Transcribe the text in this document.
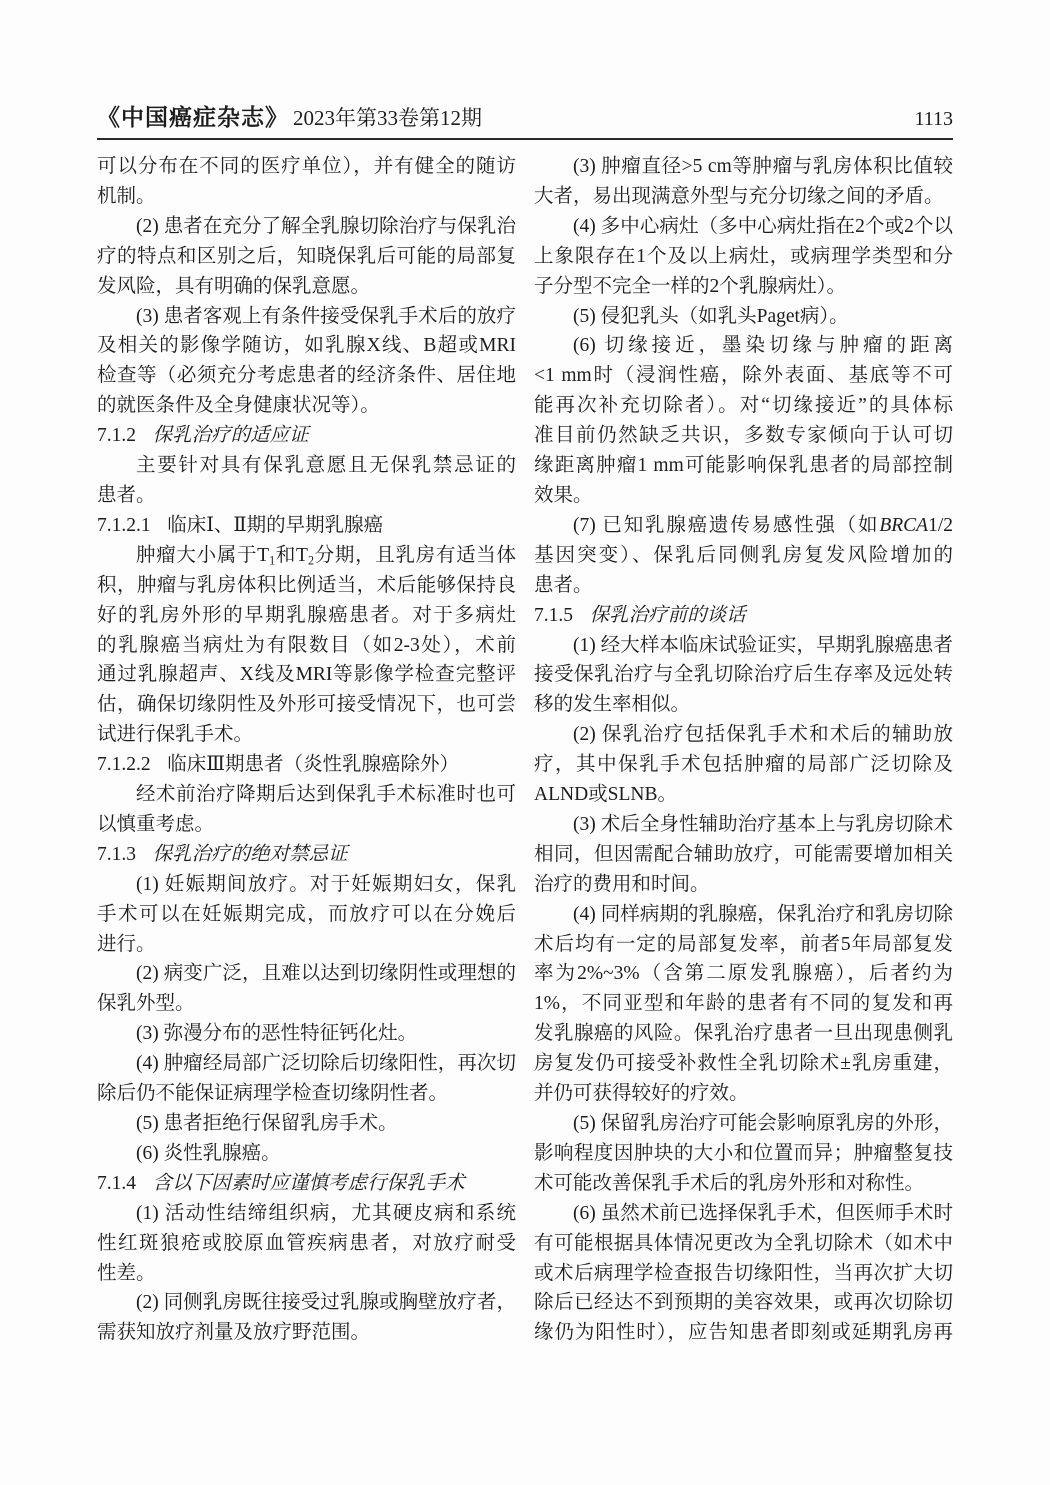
《中国癌症杂志》 2023年第33卷第12期	1113
可以分布在不同的医疗单位），并有健全的随访
机制。
(2) 患者在充分了解全乳腺切除治疗与保乳治
疗的特点和区别之后，知晓保乳后可能的局部复
发风险，具有明确的保乳意愿。
(3) 患者客观上有条件接受保乳手术后的放疗
及相关的影像学随访，如乳腺X线、B超或MRI
检查等（必须充分考虑患者的经济条件、居住地
的就医条件及全身健康状况等）。
7.1.2 保乳治疗的适应证
主要针对具有保乳意愿且无保乳禁忌证的
患者。
7.1.2.1 临床Ⅰ、Ⅱ期的早期乳腺癌
肿瘤大小属于$T_1$和$T_2$分期，且乳房有适当体
积，肿瘤与乳房体积比例适当，术后能够保持良
好的乳房外形的早期乳腺癌患者。对于多病灶
的乳腺癌当病灶为有限数目（如2-3处），术前
通过乳腺超声、X线及MRI等影像学检查完整评
估，确保切缘阴性及外形可接受情况下，也可尝
试进行保乳手术。
7.1.2.2 临床Ⅲ期患者（炎性乳腺癌除外）
经术前治疗降期后达到保乳手术标准时也可
以慎重考虑。
7.1.3 保乳治疗的绝对禁忌证
(1) 妊娠期间放疗。对于妊娠期妇女，保乳
手术可以在妊娠期完成，而放疗可以在分娩后
进行。
(2) 病变广泛，且难以达到切缘阴性或理想的
保乳外型。
(3) 弥漫分布的恶性特征钙化灶。
(4) 肿瘤经局部广泛切除后切缘阳性，再次切
除后仍不能保证病理学检查切缘阴性者。
(5) 患者拒绝行保留乳房手术。
(6) 炎性乳腺癌。
7.1.4 含以下因素时应谨慎考虑行保乳手术
(1) 活动性结缔组织病，尤其硬皮病和系统
性红斑狼疮或胶原血管疾病患者，对放疗耐受
性差。
(2) 同侧乳房既往接受过乳腺或胸壁放疗者，
需获知放疗剂量及放疗野范围。
(3) 肿瘤直径>5 cm等肿瘤与乳房体积比值较
大者，易出现满意外型与充分切缘之间的矛盾。
(4) 多中心病灶（多中心病灶指在2个或2个以
上象限存在1个及以上病灶，或病理学类型和分
子分型不完全一样的2个乳腺病灶）。
(5) 侵犯乳头（如乳头Paget病）。
(6) 切缘接近，墨染切缘与肿瘤的距离
<1 mm时（浸润性癌，除外表面、基底等不可
能再次补充切除者）。对“切缘接近”的具体标
准目前仍然缺乏共识，多数专家倾向于认可切
缘距离肿瘤1 mm可能影响保乳患者的局部控制
效果。
(7) 已知乳腺癌遗传易感性强（如BRCA1/2
基因突变）、保乳后同侧乳房复发风险增加的
患者。
7.1.5 保乳治疗前的谈话
(1) 经大样本临床试验证实，早期乳腺癌患者
接受保乳治疗与全乳切除治疗后生存率及远处转
移的发生率相似。
(2) 保乳治疗包括保乳手术和术后的辅助放
疗，其中保乳手术包括肿瘤的局部广泛切除及
ALND或SLNB。
(3) 术后全身性辅助治疗基本上与乳房切除术
相同，但因需配合辅助放疗，可能需要增加相关
治疗的费用和时间。
(4) 同样病期的乳腺癌，保乳治疗和乳房切除
术后均有一定的局部复发率，前者5年局部复发
率为2%~3%（含第二原发乳腺癌），后者约为
1%，不同亚型和年龄的患者有不同的复发和再
发乳腺癌的风险。保乳治疗患者一旦出现患侧乳
房复发仍可接受补救性全乳切除术±乳房重建，
并仍可获得较好的疗效。
(5) 保留乳房治疗可能会影响原乳房的外形，
影响程度因肿块的大小和位置而异；肿瘤整复技
术可能改善保乳手术后的乳房外形和对称性。
(6) 虽然术前已选择保乳手术，但医师手术时
有可能根据具体情况更改为全乳切除术（如术中
或术后病理学检查报告切缘阳性，当再次扩大切
除后已经达不到预期的美容效果，或再次切除切
缘仍为阳性时），应告知患者即刻或延期乳房再
